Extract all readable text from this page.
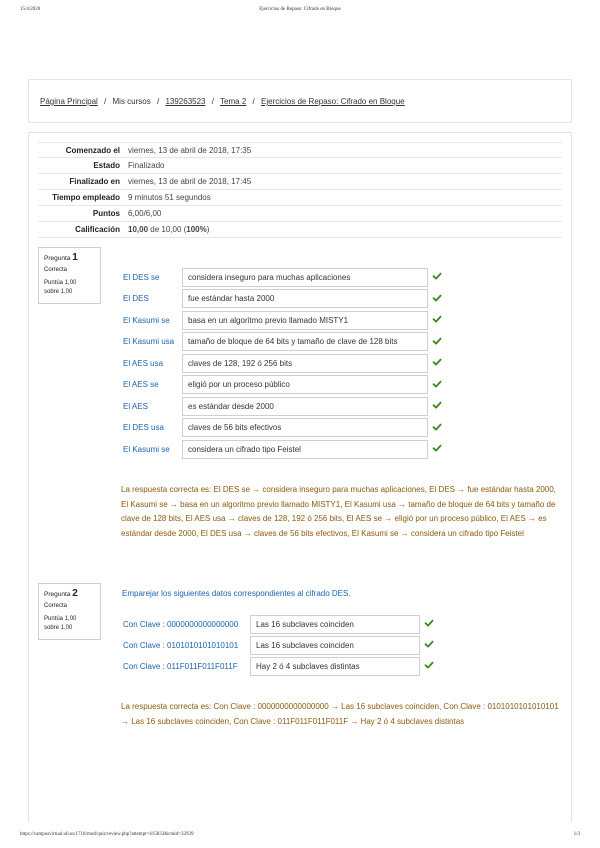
15/4/2020	Ejercicios de Repaso: Cifrado en Bloque
Página Principal / Mis cursos / 139263523 / Tema 2 / Ejercicios de Repaso: Cifrado en Bloque
Comenzado el	viernes, 13 de abril de 2018, 17:35
Estado	Finalizado
Finalizado en	viernes, 13 de abril de 2018, 17:45
Tiempo empleado	9 minutos 51 segundos
Puntos	6,00/6,00
Calificación	10,00 de 10,00 (100%)
Pregunta 1
Correcta
Puntúa 1,00
sobre 1,00
El DES se	considera inseguro para muchas aplicaciones
El DES	fue estándar hasta 2000
El Kasumi se	basa en un algoritmo previo llamado MISTY1
El Kasumi usa	tamaño de bloque de 64 bits y tamaño de clave de 128 bits
El AES usa	claves de 128, 192 ó 256 bits
El AES se	eligió por un proceso público
El AES	es estándar desde 2000
El DES usa	claves de 56 bits efectivos
El Kasumi se	considera un cifrado tipo Feistel
La respuesta correcta es: El DES se → considera inseguro para muchas aplicaciones, El DES → fue estándar hasta 2000, El Kasumi se → basa en un algoritmo previo llamado MISTY1, El Kasumi usa → tamaño de bloque de 64 bits y tamaño de clave de 128 bits, El AES usa → claves de 128, 192 ó 256 bits, El AES se → eligió por un proceso público, El AES → es estándar desde 2000, El DES usa → claves de 56 bits efectivos, El Kasumi se → considera un cifrado tipo Feistel
Pregunta 2
Correcta
Puntúa 1,00
sobre 1,00
Emparejar los siguientes datos correspondientes al cifrado DES.
Con Clave : 0000000000000000	Las 16 subclaves coinciden
Con Clave : 0101010101010101	Las 16 subclaves coinciden
Con Clave : 011F011F011F011F	Hay 2 ó 4 subclaves distintas
La respuesta correcta es: Con Clave : 0000000000000000 → Las 16 subclaves coinciden, Con Clave : 0101010101010101 → Las 16 subclaves coinciden, Con Clave : 011F011F011F011F → Hay 2 ó 4 subclaves distintas
https://campusvirtual.ull.es/1718/mod/quiz/review.php?attempt=415833&cmid=32939	1/3
